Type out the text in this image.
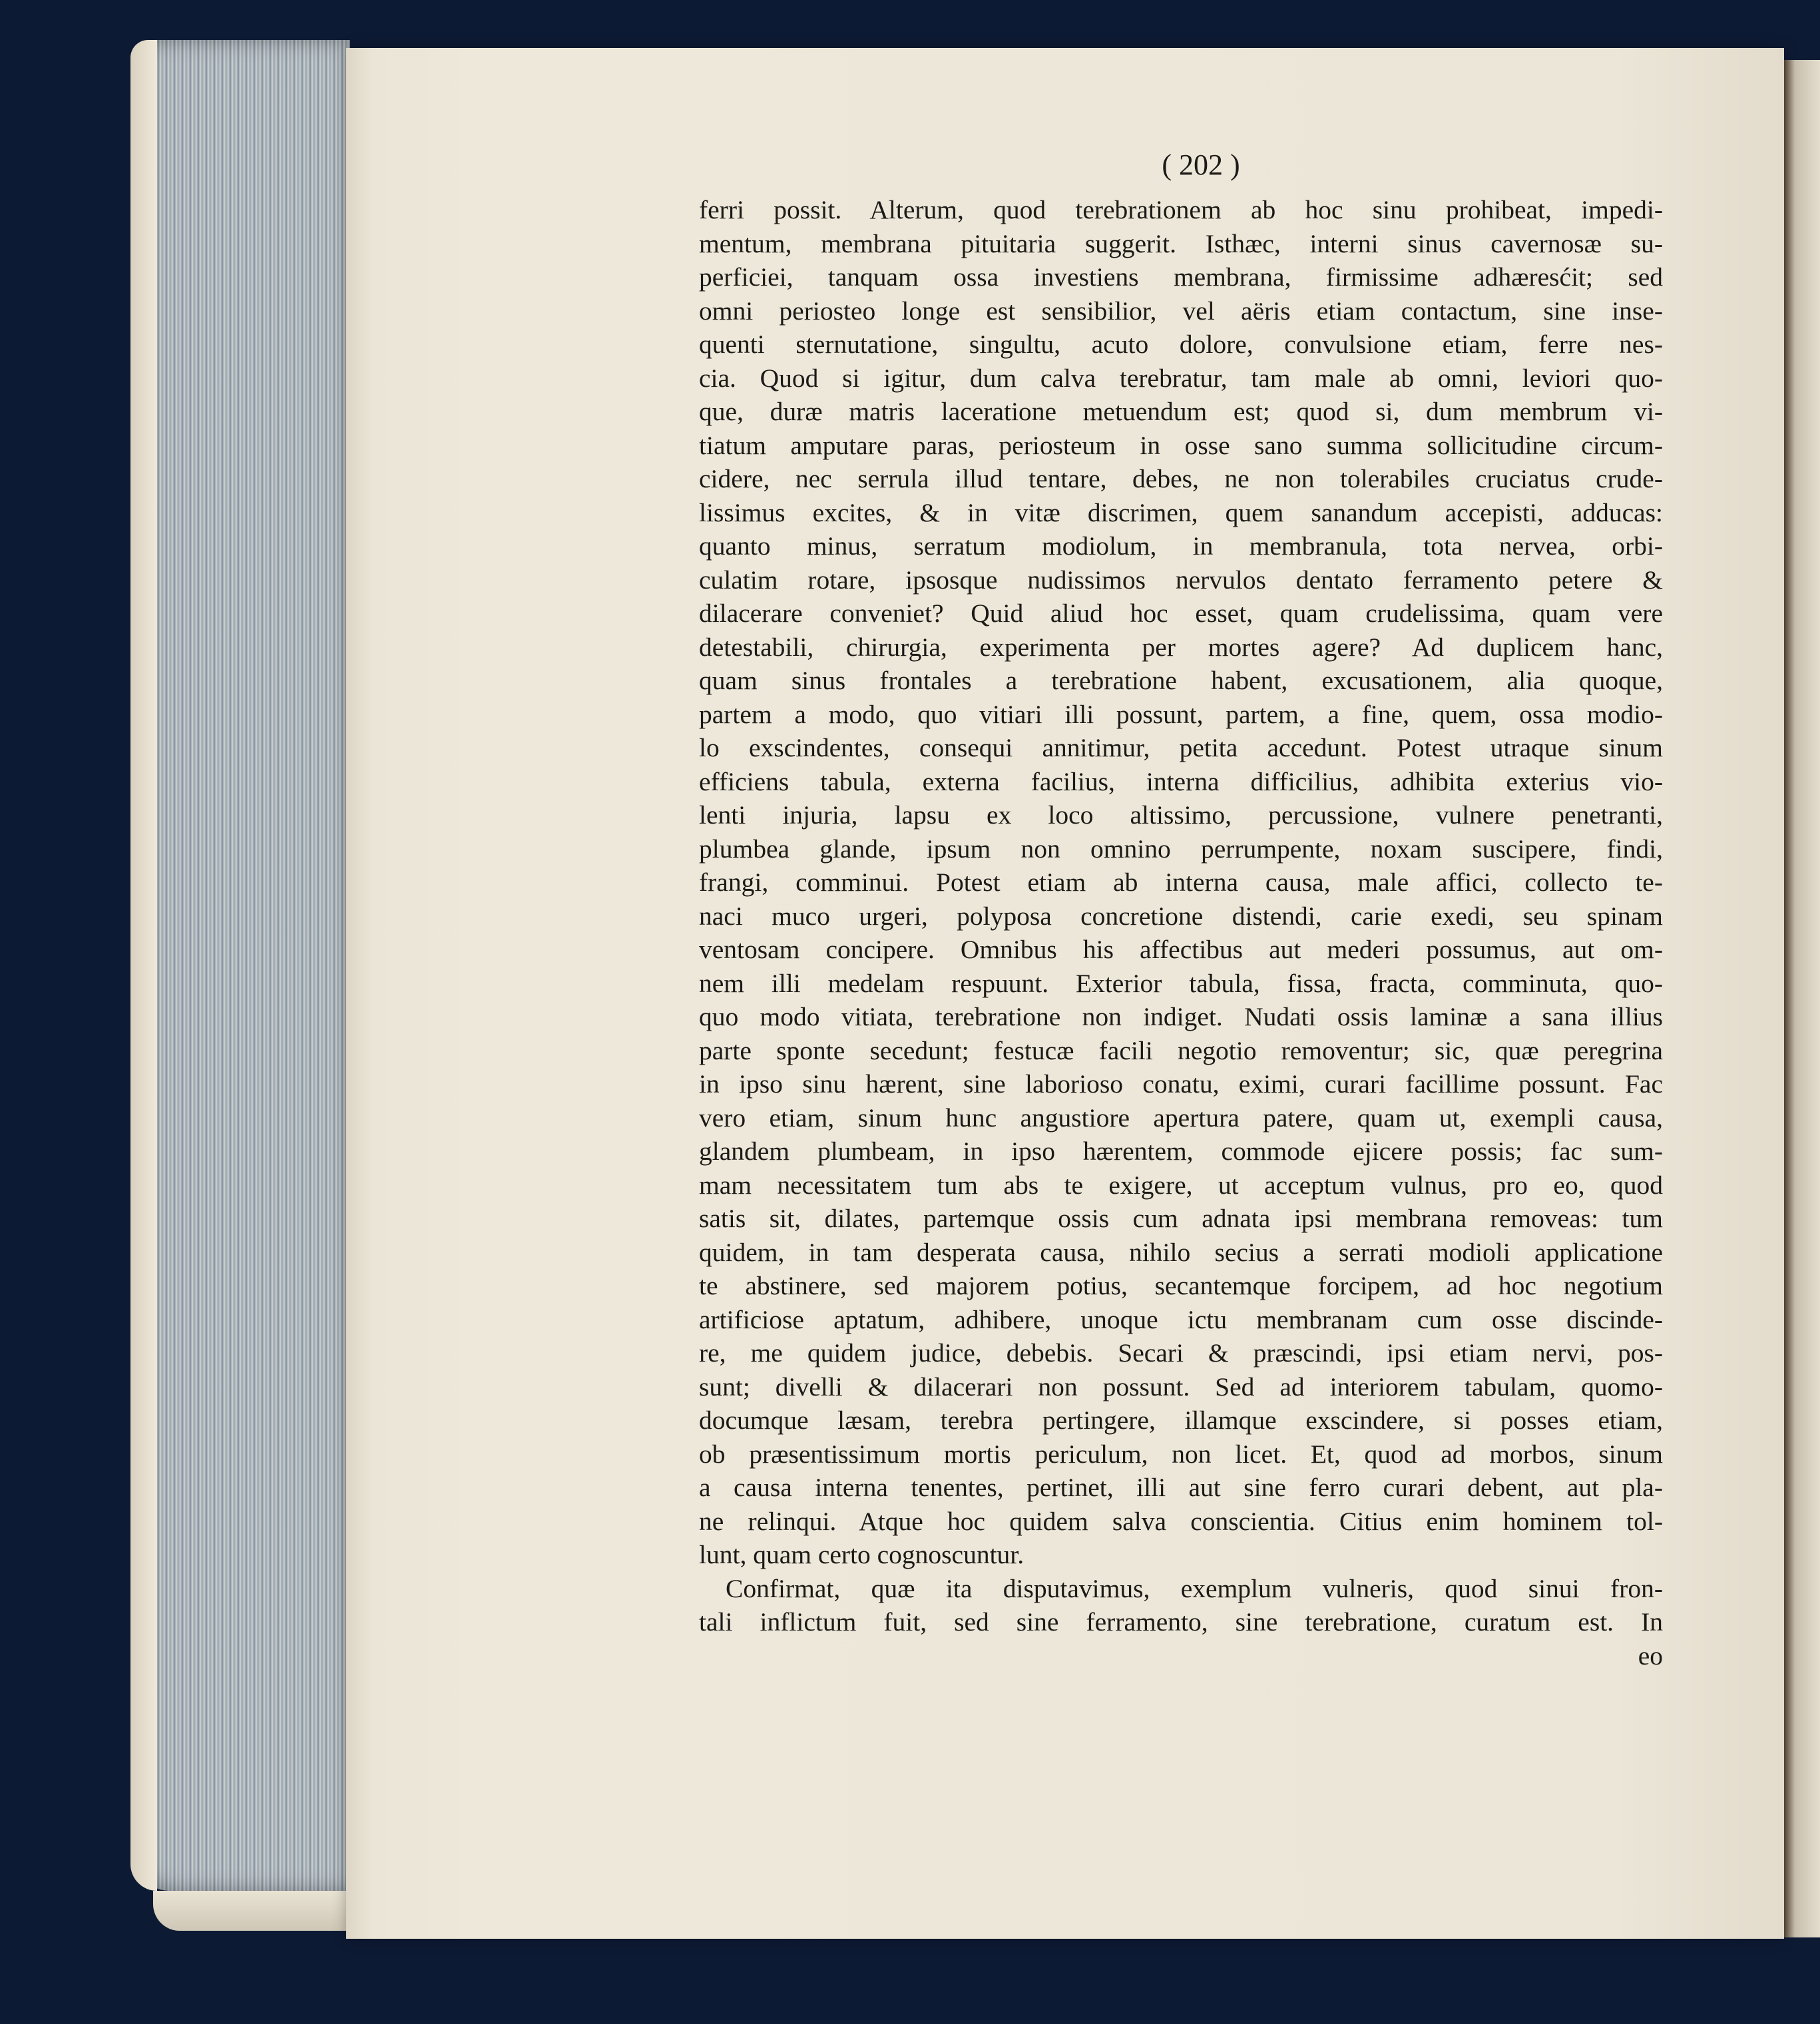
( 202 )
ferri possit. Alterum, quod terebrationem ab hoc sinu prohibeat, impedi-
mentum, membrana pituitaria suggerit. Isthæc, interni sinus cavernosæ su-
perficiei, tanquam ossa investiens membrana, firmissime adhæresćit; sed
omni periosteo longe est sensibilior, vel aëris etiam contactum, sine inse-
quenti sternutatione, singultu, acuto dolore, convulsione etiam, ferre nes-
cia. Quod si igitur, dum calva terebratur, tam male ab omni, leviori quo-
que, duræ matris laceratione metuendum est; quod si, dum membrum vi-
tiatum amputare paras, periosteum in osse sano summa sollicitudine circum-
cidere, nec serrula illud tentare, debes, ne non tolerabiles cruciatus crude-
lissimus excites, & in vitæ discrimen, quem sanandum accepisti, adducas:
quanto minus, serratum modiolum, in membranula, tota nervea, orbi-
culatim rotare, ipsosque nudissimos nervulos dentato ferramento petere &
dilacerare conveniet? Quid aliud hoc esset, quam crudelissima, quam vere
detestabili, chirurgia, experimenta per mortes agere? Ad duplicem hanc,
quam sinus frontales a terebratione habent, excusationem, alia quoque,
partem a modo, quo vitiari illi possunt, partem, a fine, quem, ossa modio-
lo exscindentes, consequi annitimur, petita accedunt. Potest utraque sinum
efficiens tabula, externa facilius, interna difficilius, adhibita exterius vio-
lenti injuria, lapsu ex loco altissimo, percussione, vulnere penetranti,
plumbea glande, ipsum non omnino perrumpente, noxam suscipere, findi,
frangi, comminui. Potest etiam ab interna causa, male affici, collecto te-
naci muco urgeri, polyposa concretione distendi, carie exedi, seu spinam
ventosam concipere. Omnibus his affectibus aut mederi possumus, aut om-
nem illi medelam respuunt. Exterior tabula, fissa, fracta, comminuta, quo-
quo modo vitiata, terebratione non indiget. Nudati ossis laminæ a sana illius
parte sponte secedunt; festucæ facili negotio removentur; sic, quæ peregrina
in ipso sinu hærent, sine laborioso conatu, eximi, curari facillime possunt. Fac
vero etiam, sinum hunc angustiore apertura patere, quam ut, exempli causa,
glandem plumbeam, in ipso hærentem, commode ejicere possis; fac sum-
mam necessitatem tum abs te exigere, ut acceptum vulnus, pro eo, quod
satis sit, dilates, partemque ossis cum adnata ipsi membrana removeas: tum
quidem, in tam desperata causa, nihilo secius a serrati modioli applicatione
te abstinere, sed majorem potius, secantemque forcipem, ad hoc negotium
artificiose aptatum, adhibere, unoque ictu membranam cum osse discinde-
re, me quidem judice, debebis. Secari & præscindi, ipsi etiam nervi, pos-
sunt; divelli & dilacerari non possunt. Sed ad interiorem tabulam, quomo-
documque læsam, terebra pertingere, illamque exscindere, si posses etiam,
ob præsentissimum mortis periculum, non licet. Et, quod ad morbos, sinum
a causa interna tenentes, pertinet, illi aut sine ferro curari debent, aut pla-
ne relinqui. Atque hoc quidem salva conscientia. Citius enim hominem tol-
lunt, quam certo cognoscuntur.
Confirmat, quæ ita disputavimus, exemplum vulneris, quod sinui fron-
tali inflictum fuit, sed sine ferramento, sine terebratione, curatum est. In
eo
